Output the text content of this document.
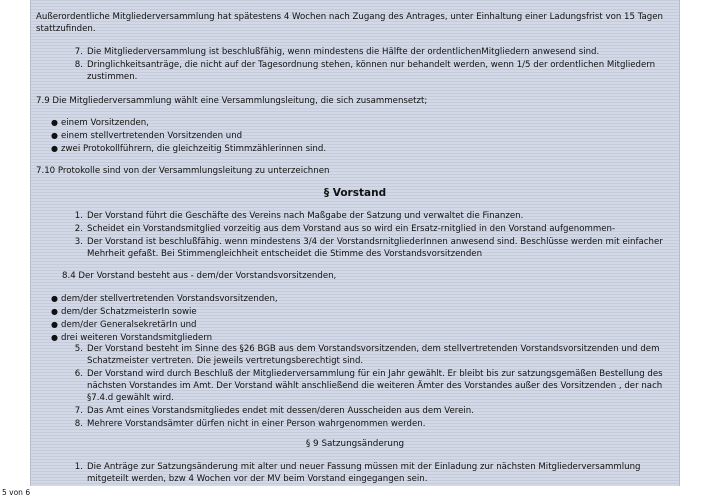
Außerordentliche Mitgliederversammlung hat spätestens 4 Wochen nach Zugang des Antrages, unter Einhaltung einer Ladungsfrist von 15 Tagen
stattzufinden.
7. Die Mitgliederversammlung ist beschlußfähig, wenn mindestens die Hälfte der ordentlichenMitgliedern anwesend sind.
8. Dringlichkeitsanträge, die nicht auf der Tagesordnung stehen, können nur behandelt werden, wenn 1/5 der ordentlichen Mitgliedern
zustimmen.
7.9 Die Mitgliederversammlung wählt eine Versammlungsleitung, die sich zusammensetzt;
● einem Vorsitzenden,
● einem stellvertretenden Vorsitzenden und
● zwei Protokollführern, die gleichzeitig Stimmzählerinnen sind.
7.10 Protokolle sind von der Versammlungsleitung zu unterzeichnen
§ Vorstand
1. Der Vorstand führt die Geschäfte des Vereins nach Maßgabe der Satzung und verwaltet die Finanzen.
2. Scheidet ein Vorstandsmitglied vorzeitig aus dem Vorstand aus so wird ein Ersatz-rnitglied in den Vorstand aufgenommen-
3. Der Vorstand ist beschlußfähig. wenn mindestens 3/4 der VorstandsrnitgliederInnen anwesend sind. Beschlüsse werden mit einfacher
Mehrheit gefaßt. Bei Stimmengleichheit entscheidet die Stimme des Vorstandsvorsitzenden
8.4 Der Vorstand besteht aus - dem/der Vorstandsvorsitzenden,
● dem/der stellvertretenden Vorstandsvorsitzenden,
● dem/der SchatzmeisterIn sowie
● dem/der GeneralsekretärIn und
● drei weiteren Vorstandsmitgliedern
5. Der Vorstand besteht im Sinne des §26 BGB aus dem Vorstandsvorsitzenden, dem stellvertretenden Vorstandsvorsitzenden und dem
Schatzmeister vertreten. Die jeweils vertretungsberechtigt sind.
6. Der Vorstand wird durch Beschluß der Mitgliederversammlung für ein Jahr gewählt. Er bleibt bis zur satzungsgemäßen Bestellung des
nächsten Vorstandes im Amt. Der Vorstand wählt anschließend die weiteren Ämter des Vorstandes außer des Vorsitzenden , der nach
§7.4.d gewählt wird.
7. Das Amt eines Vorstandsmitgliedes endet mit dessen/deren Ausscheiden aus dem Verein.
8. Mehrere Vorstandsämter dürfen nicht in einer Person wahrgenommen werden.
§ 9 Satzungsänderung
1. Die Anträge zur Satzungsänderung mit alter und neuer Fassung müssen mit der Einladung zur nächsten Mitgliederversammlung
mitgeteilt werden, bzw 4 Wochen vor der MV beim Vorstand eingegangen sein.
5 von 6
